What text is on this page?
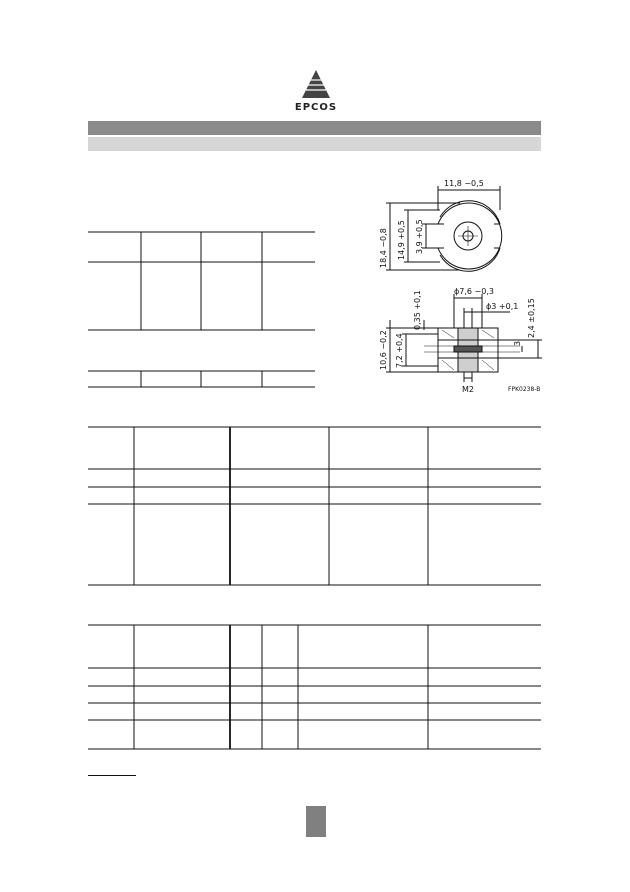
EPCOS
11,8 −0,5
18,4 −0,8 14,9 +0,5 3,9 +0,5
ϕ7,6 −0,3
ϕ3 +0,1
0,35 +0,1	2,4 ±0,15
3
10,6 −0,2 7,2 +0,4
M2	FPK0238-B
